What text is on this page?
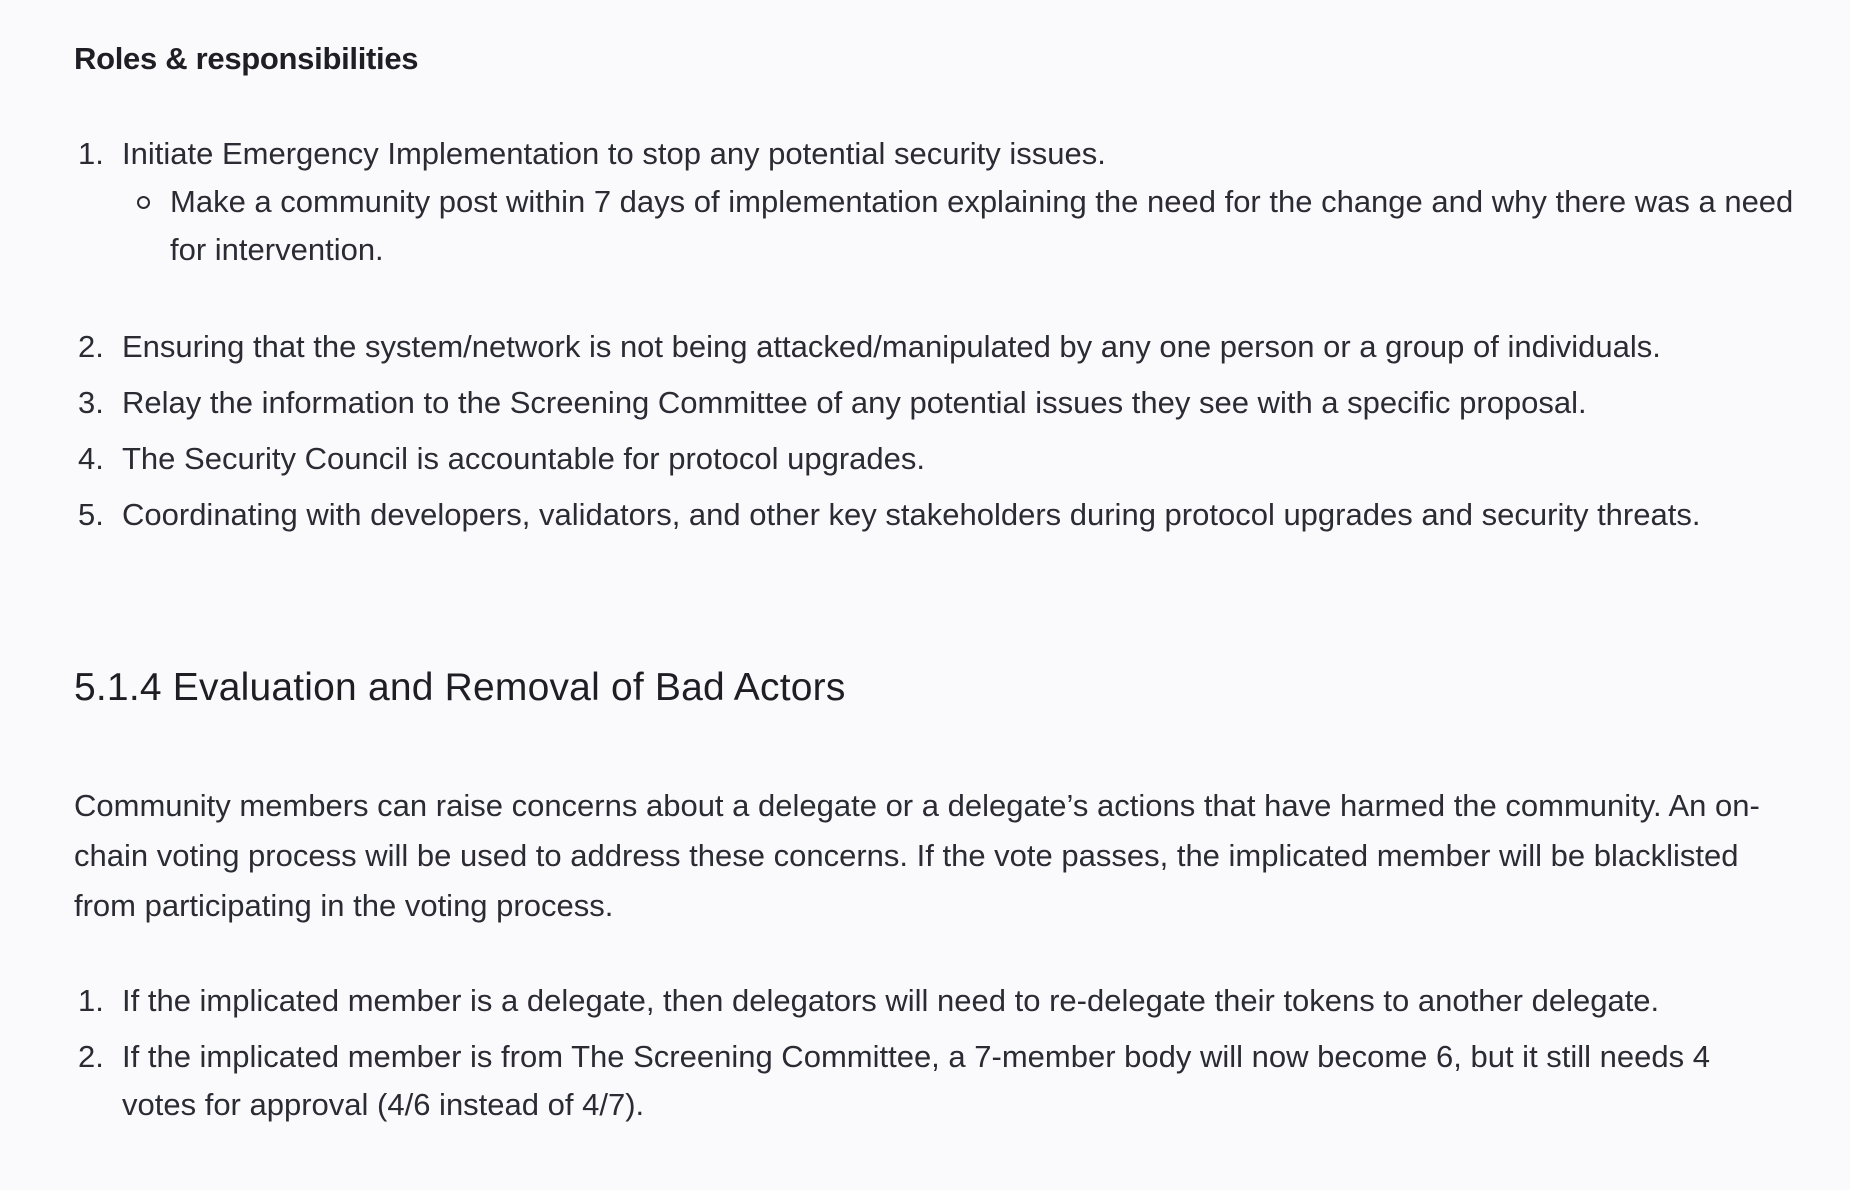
Roles & responsibilities
1. Initiate Emergency Implementation to stop any potential security issues.
Make a community post within 7 days of implementation explaining the need for the change and why there was a need for intervention.
2. Ensuring that the system/network is not being attacked/manipulated by any one person or a group of individuals.
3. Relay the information to the Screening Committee of any potential issues they see with a specific proposal.
4. The Security Council is accountable for protocol upgrades.
5. Coordinating with developers, validators, and other key stakeholders during protocol upgrades and security threats.
5.1.4 Evaluation and Removal of Bad Actors

Community members can raise concerns about a delegate or a delegate’s actions that have harmed the community. An on-chain voting process will be used to address these concerns. If the vote passes, the implicated member will be blacklisted from participating in the voting process.

1. If the implicated member is a delegate, then delegators will need to re-delegate their tokens to another delegate.
2. If the implicated member is from The Screening Committee, a 7-member body will now become 6, but it still needs 4 votes for approval (4/6 instead of 4/7).
